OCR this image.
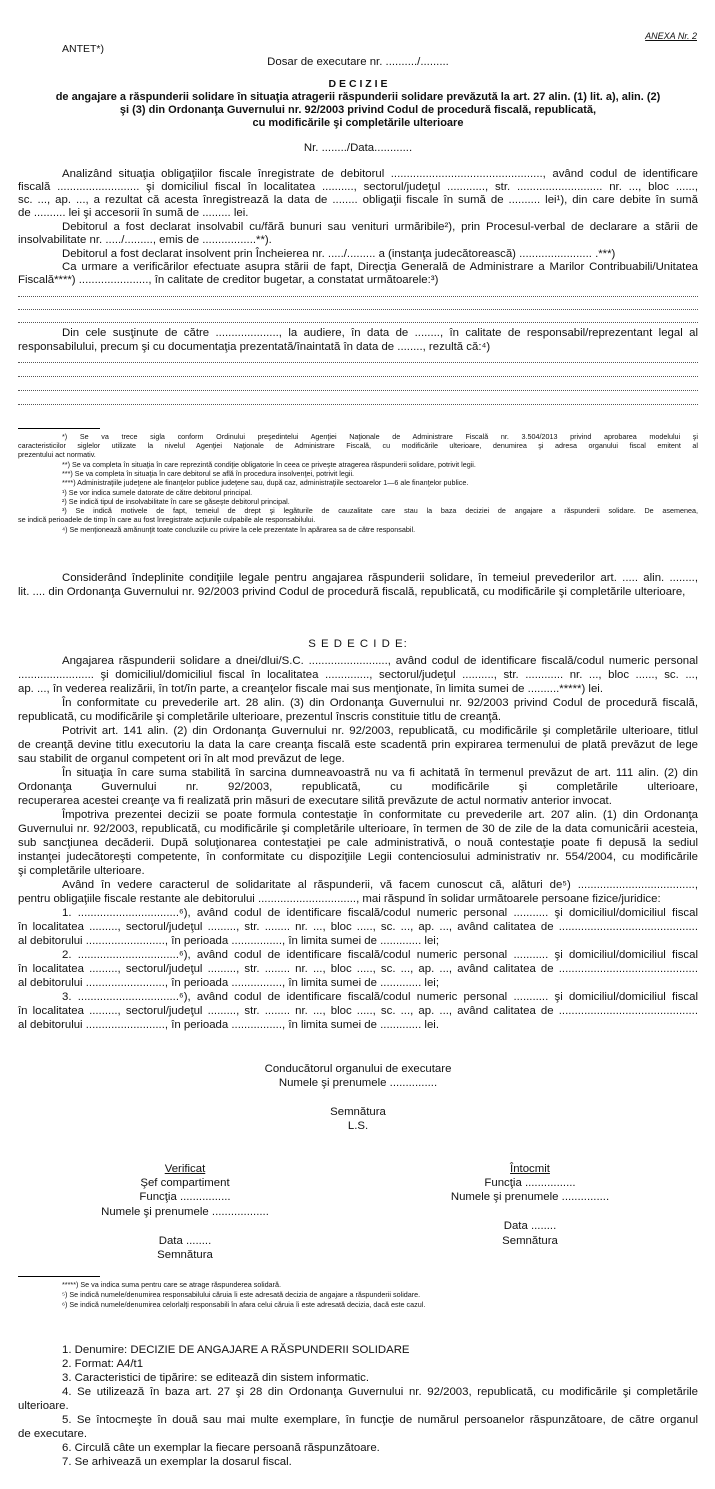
ANEXA Nr. 2
ANTET*)
Dosar de executare nr. ........../.........
D E C I Z I E
de angajare a răspunderii solidare în situaţia atragerii răspunderii solidare prevăzută la art. 27 alin. (1) lit. a), alin. (2)
şi (3) din Ordonanţa Guvernului nr. 92/2003 privind Codul de procedură fiscală, republicată,
cu modificările şi completările ulterioare
Nr. ......../Data............
Analizând situaţia obligaţiilor fiscale înregistrate de debitorul ................................................, având codul de identificare
fiscală .......................... şi domiciliul fiscal în localitatea .........., sectorul/judeţul ............, str. ........................... nr. ..., bloc ......,
sc. ..., ap. ..., a rezultat că acesta înregistrează la data de ........ obligaţii fiscale în sumă de .......... lei¹), din care debite în sumă
de .......... lei şi accesorii în sumă de ......... lei.
Debitorul a fost declarat insolvabil cu/fără bunuri sau venituri urmăribile²), prin Procesul-verbal de declarare a stării de
insolvabilitate nr. ...../........., emis de .................**).
Debitorul a fost declarat insolvent prin Încheierea nr. ...../......... a (instanţa judecătorească) ....................... .***)
Ca urmare a verificărilor efectuate asupra stării de fapt, Direcţia Generală de Administrare a Marilor Contribuabili/Unitatea
Fiscală****) ......................, în calitate de creditor bugetar, a constatat următoarele:³)
Din cele susţinute de către ...................., la audiere, în data de ........, în calitate de responsabil/reprezentant legal al
responsabilului, precum şi cu documentaţia prezentată/înaintată în data de ........, rezultă că:⁴)
*) Se va trece sigla conform Ordinului preşedintelui Agenţiei Naţionale de Administrare Fiscală nr. 3.504/2013 privind aprobarea modelului şi
caracteristicilor siglelor utilizate la nivelul Agenţiei Naţionale de Administrare Fiscală, cu modificările ulterioare, denumirea şi adresa organului fiscal emitent al
prezentului act normativ.
**) Se va completa în situaţia în care reprezintă condiţie obligatorie în ceea ce priveşte atragerea răspunderii solidare, potrivit legii.
***) Se va completa în situaţia în care debitorul se află în procedura insolvenţei, potrivit legii.
****) Administraţiile judeţene ale finanţelor publice judeţene sau, după caz, administraţiile sectoarelor 1—6 ale finanţelor publice.
¹) Se vor indica sumele datorate de către debitorul principal.
²) Se indică tipul de insolvabilitate în care se găseşte debitorul principal.
³) Se indică motivele de fapt, temeiul de drept şi legăturile de cauzalitate care stau la baza deciziei de angajare a răspunderii solidare. De asemenea,
se indică perioadele de timp în care au fost înregistrate acţiunile culpabile ale responsabilului.
⁴) Se menţionează amănunţit toate concluziile cu privire la cele prezentate în apărarea sa de către responsabil.
Considerând îndeplinite condiţiile legale pentru angajarea răspunderii solidare, în temeiul prevederilor art. ..... alin. ........,
lit. .... din Ordonanţa Guvernului nr. 92/2003 privind Codul de procedură fiscală, republicată, cu modificările şi completările ulterioare,
S E D E C I D E:
Angajarea răspunderii solidare a dnei/dlui/S.C. ........................., având codul de identificare fiscală/codul numeric personal
........................ şi domiciliul/domiciliul fiscal în localitatea .............., sectorul/judeţul .........., str. ............ nr. ..., bloc ......, sc. ...,
ap. ..., în vederea realizării, în tot/în parte, a creanţelor fiscale mai sus menţionate, în limita sumei de ..........*****) lei.
În conformitate cu prevederile art. 28 alin. (3) din Ordonanţa Guvernului nr. 92/2003 privind Codul de procedură fiscală,
republicată, cu modificările şi completările ulterioare, prezentul înscris constituie titlu de creanţă.
Potrivit art. 141 alin. (2) din Ordonanţa Guvernului nr. 92/2003, republicată, cu modificările şi completările ulterioare, titlul
de creanţă devine titlu executoriu la data la care creanţa fiscală este scadentă prin expirarea termenului de plată prevăzut de lege
sau stabilit de organul competent ori în alt mod prevăzut de lege.
În situaţia în care suma stabilită în sarcina dumneavoastră nu va fi achitată în termenul prevăzut de art. 111 alin. (2) din
Ordonanţa Guvernului nr. 92/2003, republicată, cu modificările şi completările ulterioare,
recuperarea acestei creanţe va fi realizată prin măsuri de executare silită prevăzute de actul normativ anterior invocat.
Împotriva prezentei decizii se poate formula contestaţie în conformitate cu prevederile art. 207 alin. (1) din Ordonanţa
Guvernului nr. 92/2003, republicată, cu modificările şi completările ulterioare, în termen de 30 de zile de la data comunicării acesteia,
sub sancţiunea decăderii. După soluţionarea contestaţiei pe cale administrativă, o nouă contestaţie poate fi depusă la sediul
instanţei judecătoreşti competente, în conformitate cu dispoziţiile Legii contenciosului administrativ nr. 554/2004, cu modificările
şi completările ulterioare.
Având în vedere caracterul de solidaritate al răspunderii, vă facem cunoscut că, alături de⁵) .....................................,
pentru obligaţiile fiscale restante ale debitorului ..............................., mai răspund în solidar următoarele persoane fizice/juridice:
1. ................................⁶), având codul de identificare fiscală/codul numeric personal ........... şi domiciliul/domiciliul fiscal
în localitatea ........., sectorul/judeţul ........., str. ........ nr. ..., bloc ....., sc. ..., ap. ..., având calitatea de ............................................
al debitorului ........................., în perioada ................, în limita sumei de ............. lei;
2. ................................⁶), având codul de identificare fiscală/codul numeric personal ........... şi domiciliul/domiciliul fiscal
în localitatea ........., sectorul/judeţul ........., str. ........ nr. ..., bloc ....., sc. ..., ap. ..., având calitatea de ............................................
al debitorului ........................., în perioada ................, în limita sumei de ............. lei;
3. ................................⁶), având codul de identificare fiscală/codul numeric personal ........... şi domiciliul/domiciliul fiscal
în localitatea ........., sectorul/judeţul ........., str. ........ nr. ..., bloc ....., sc. ..., ap. ..., având calitatea de ............................................
al debitorului ........................., în perioada ................, în limita sumei de ............. lei.
Conducătorul organului de executare
Numele şi prenumele ...............
Semnătura
L.S.
Verificat
Şef compartiment
Funcţia ................
Numele şi prenumele ..................
Data ........
Semnătura
Întocmit
Funcţia ................
Numele şi prenumele ...............
Data ........
Semnătura
*****) Se va indica suma pentru care se atrage răspunderea solidară.
⁵) Se indică numele/denumirea responsabilului căruia îi este adresată decizia de angajare a răspunderii solidare.
⁶) Se indică numele/denumirea celorlalţi responsabili în afara celui căruia îi este adresată decizia, dacă este cazul.
1. Denumire: DECIZIE DE ANGAJARE A RĂSPUNDERII SOLIDARE
2. Format: A4/t1
3. Caracteristici de tipărire: se editează din sistem informatic.
4. Se utilizează în baza art. 27 şi 28 din Ordonanţa Guvernului nr. 92/2003, republicată, cu modificările şi completările
ulterioare.
5. Se întocmeşte în două sau mai multe exemplare, în funcţie de numărul persoanelor răspunzătoare, de către organul
de executare.
6. Circulă câte un exemplar la fiecare persoană răspunzătoare.
7. Se arhivează un exemplar la dosarul fiscal.
